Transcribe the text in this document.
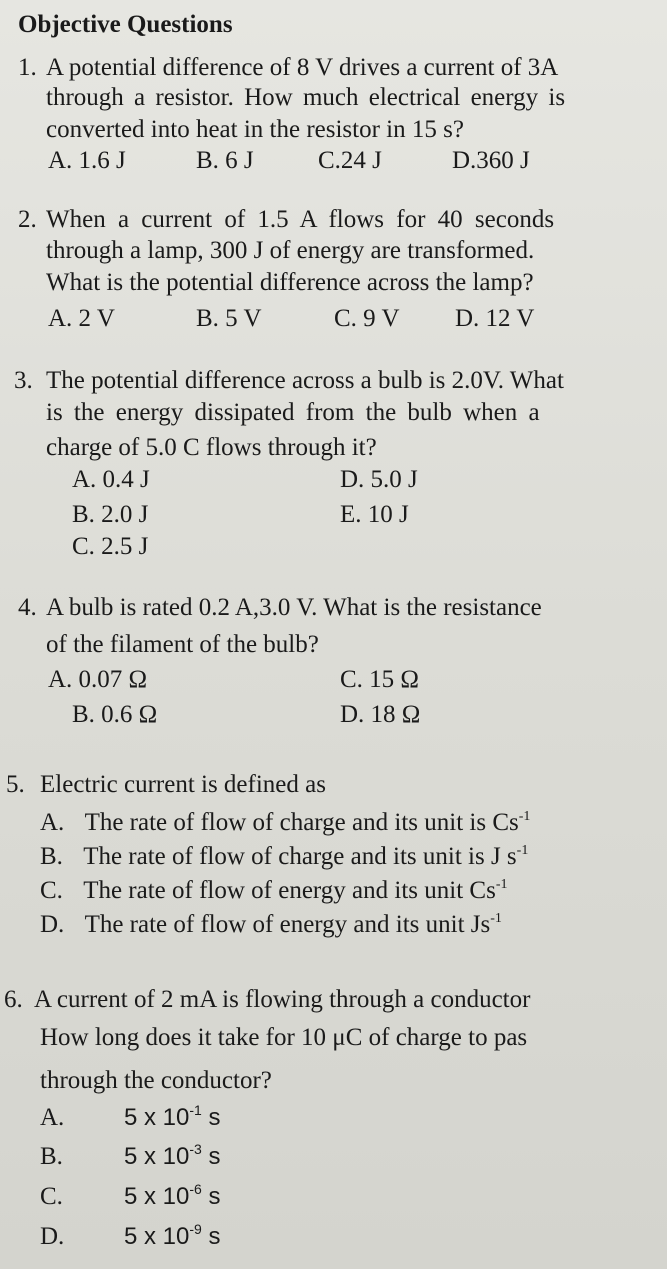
Objective Questions
1. A potential difference of 8 V drives a current of 3A
through a resistor. How much electrical energy is
converted into heat in the resistor in 15 s?
A. 1.6 J	B. 6 J	C.24 J	D.360 J
2. When a current of 1.5 A flows for 40 seconds
through a lamp, 300 J of energy are transformed.
What is the potential difference across the lamp?
A. 2 V	B. 5 V	C. 9 V D. 12 V
3. The potential difference across a bulb is 2.0V. What
is the energy dissipated from the bulb when a
charge of 5.0 C flows through it?
A. 0.4 J	D. 5.0 J
B. 2.0 J	E. 10 J
C. 2.5 J
4. A bulb is rated 0.2 A,3.0 V. What is the resistance
of the filament of the bulb?
A. 0.07 Ω	C. 15 Ω
B. 0.6 Ω	D. 18 Ω
5. Electric current is defined as
A. The rate of flow of charge and its unit is $Cs^{-1}$
B. The rate of flow of charge and its unit is J $s^{-1}$
C. The rate of flow of energy and its unit $Cs^{-1}$
D. The rate of flow of energy and its unit $Js^{-1}$
6. A current of 2 mA is flowing through a conductor
How long does it take for 10 μC of charge to pas
through the conductor?
A. 5 x $10^{-1}$ s
B.	5 x $10^{-3}$ s
C.	5 x $10^{-6}$ s
D. 5 x $10^{-9}$ s
